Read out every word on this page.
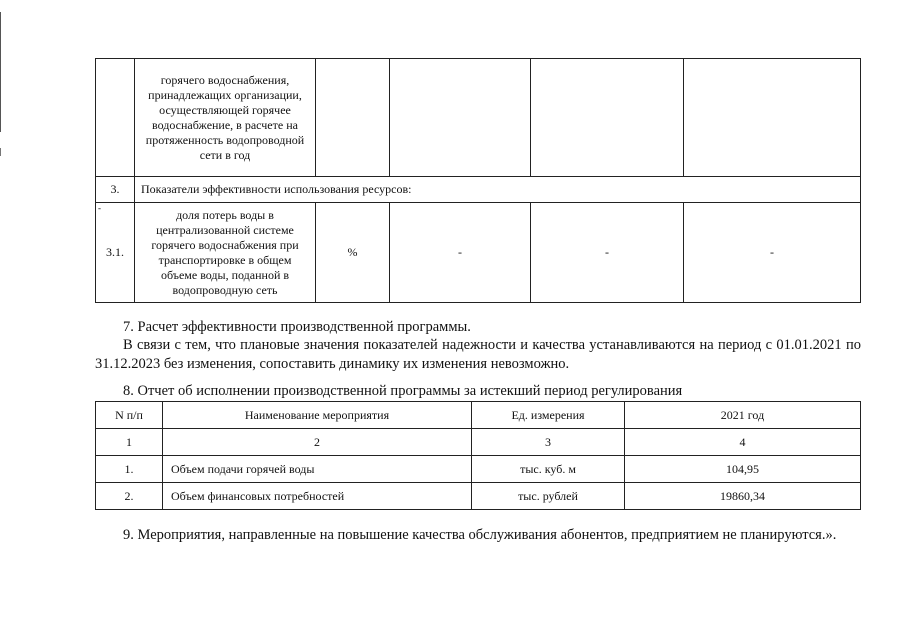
	горячего водоснабжения, принадлежащих организации, осуществляющей горячее водоснабжение, в расчете на протяженность водопроводной сети в год				
3.	Показатели эффективности использования ресурсов:				

-
3.1.	доля потерь воды в централизованной системе горячего водоснабжения при транспортировке в общем объеме воды, поданной в водопроводную сеть	%	-	-	-

7. Расчет эффективности производственной программы.

В связи с тем, что плановые значения показателей надежности и качества устанавливаются на период с 01.01.2021 по 31.12.2023 без изменения, сопоставить динамику их изменения невозможно.

8. Отчет об исполнении производственной программы за истекший период регулирования

N п/п	Наименование мероприятия	Ед. измерения	2021 год
1	2	3	4
1.	Объем подачи горячей воды	тыс. куб. м	104,95
2.	Объем финансовых потребностей	тыс. рублей	19860,34

9. Мероприятия, направленные на повышение качества обслуживания абонентов, предприятием не планируются.».
